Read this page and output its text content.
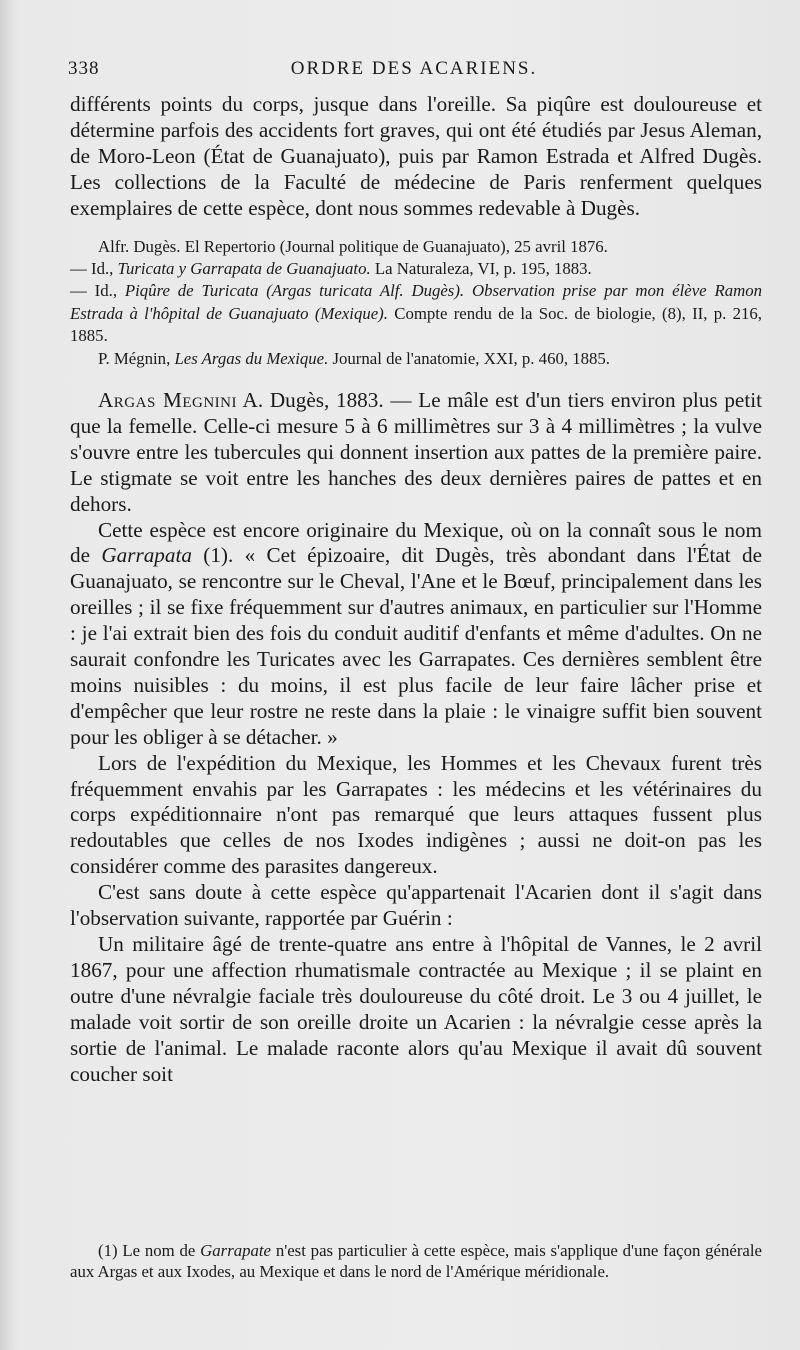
338	ORDRE DES ACARIENS.

différents points du corps, jusque dans l'oreille. Sa piqûre est douloureuse et détermine parfois des accidents fort graves, qui ont été étudiés par Jesus Aleman, de Moro-Leon (État de Guanajuato), puis par Ramon Estrada et Alfred Dugès. Les collections de la Faculté de médecine de Paris renferment quelques exemplaires de cette espèce, dont nous sommes redevable à Dugès.

Alfr. Dugès. El Repertorio (Journal politique de Guanajuato), 25 avril 1876.

— Id., Turicata y Garrapata de Guanajuato. La Naturaleza, VI, p. 195, 1883.

— Id., Piqûre de Turicata (Argas turicata Alf. Dugès). Observation prise par mon élève Ramon Estrada à l'hôpital de Guanajuato (Mexique). Compte rendu de la Soc. de biologie, (8), II, p. 216, 1885.

P. Mégnin, Les Argas du Mexique. Journal de l'anatomie, XXI, p. 460, 1885.

Argas Megnini A. Dugès, 1883. — Le mâle est d'un tiers environ plus petit que la femelle. Celle-ci mesure 5 à 6 millimètres sur 3 à 4 millimètres ; la vulve s'ouvre entre les tubercules qui donnent insertion aux pattes de la première paire. Le stigmate se voit entre les hanches des deux dernières paires de pattes et en dehors.

Cette espèce est encore originaire du Mexique, où on la connaît sous le nom de Garrapata (1). « Cet épizoaire, dit Dugès, très abondant dans l'État de Guanajuato, se rencontre sur le Cheval, l'Ane et le Bœuf, principalement dans les oreilles ; il se fixe fréquemment sur d'autres animaux, en particulier sur l'Homme : je l'ai extrait bien des fois du conduit auditif d'enfants et même d'adultes. On ne saurait confondre les Turicates avec les Garrapates. Ces dernières semblent être moins nuisibles : du moins, il est plus facile de leur faire lâcher prise et d'empêcher que leur rostre ne reste dans la plaie : le vinaigre suffit bien souvent pour les obliger à se détacher. »

Lors de l'expédition du Mexique, les Hommes et les Chevaux furent très fréquemment envahis par les Garrapates : les médecins et les vétérinaires du corps expéditionnaire n'ont pas remarqué que leurs attaques fussent plus redoutables que celles de nos Ixodes indigènes ; aussi ne doit-on pas les considérer comme des parasites dangereux.

C'est sans doute à cette espèce qu'appartenait l'Acarien dont il s'agit dans l'observation suivante, rapportée par Guérin :

Un militaire âgé de trente-quatre ans entre à l'hôpital de Vannes, le 2 avril 1867, pour une affection rhumatismale contractée au Mexique ; il se plaint en outre d'une névralgie faciale très douloureuse du côté droit. Le 3 ou 4 juillet, le malade voit sortir de son oreille droite un Acarien : la névralgie cesse après la sortie de l'animal. Le malade raconte alors qu'au Mexique il avait dû souvent coucher soit

(1) Le nom de Garrapate n'est pas particulier à cette espèce, mais s'applique d'une façon générale aux Argas et aux Ixodes, au Mexique et dans le nord de l'Amérique méridionale.
